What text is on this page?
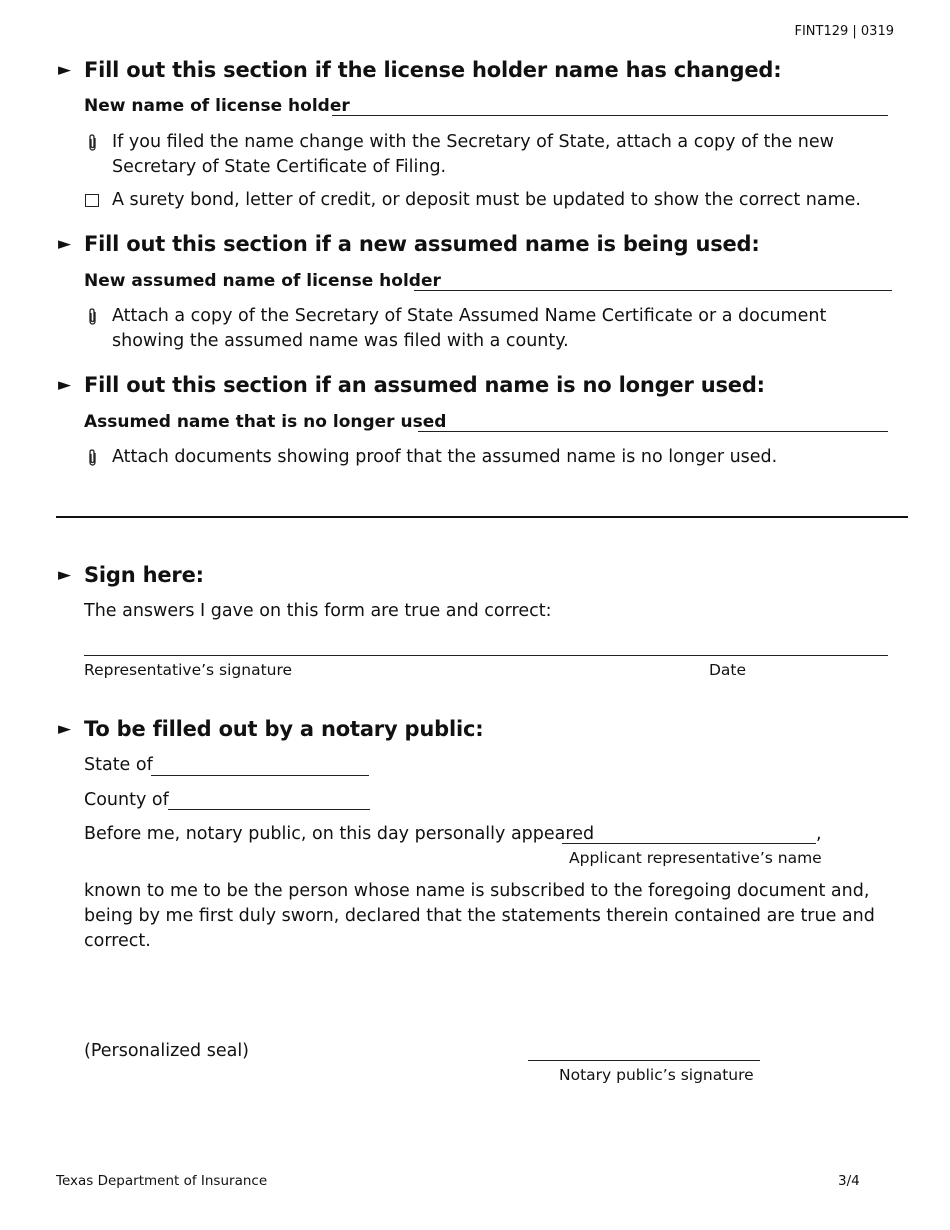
FINT129 | 0319
► Fill out this section if the license holder name has changed:
New name of license holder
If you filed the name change with the Secretary of State, attach a copy of the new Secretary of State Certificate of Filing.
A surety bond, letter of credit, or deposit must be updated to show the correct name.
► Fill out this section if a new assumed name is being used:
New assumed name of license holder
Attach a copy of the Secretary of State Assumed Name Certificate or a document showing the assumed name was filed with a county.
► Fill out this section if an assumed name is no longer used:
Assumed name that is no longer used
Attach documents showing proof that the assumed name is no longer used.
► Sign here:
The answers I gave on this form are true and correct:
Representative’s signature	Date
► To be filled out by a notary public:
State of
County of
Before me, notary public, on this day personally appeared	,
Applicant representative’s name
known to me to be the person whose name is subscribed to the foregoing document and, being by me first duly sworn, declared that the statements therein contained are true and correct.
(Personalized seal)
Notary public’s signature
Texas Department of Insurance	3/4
